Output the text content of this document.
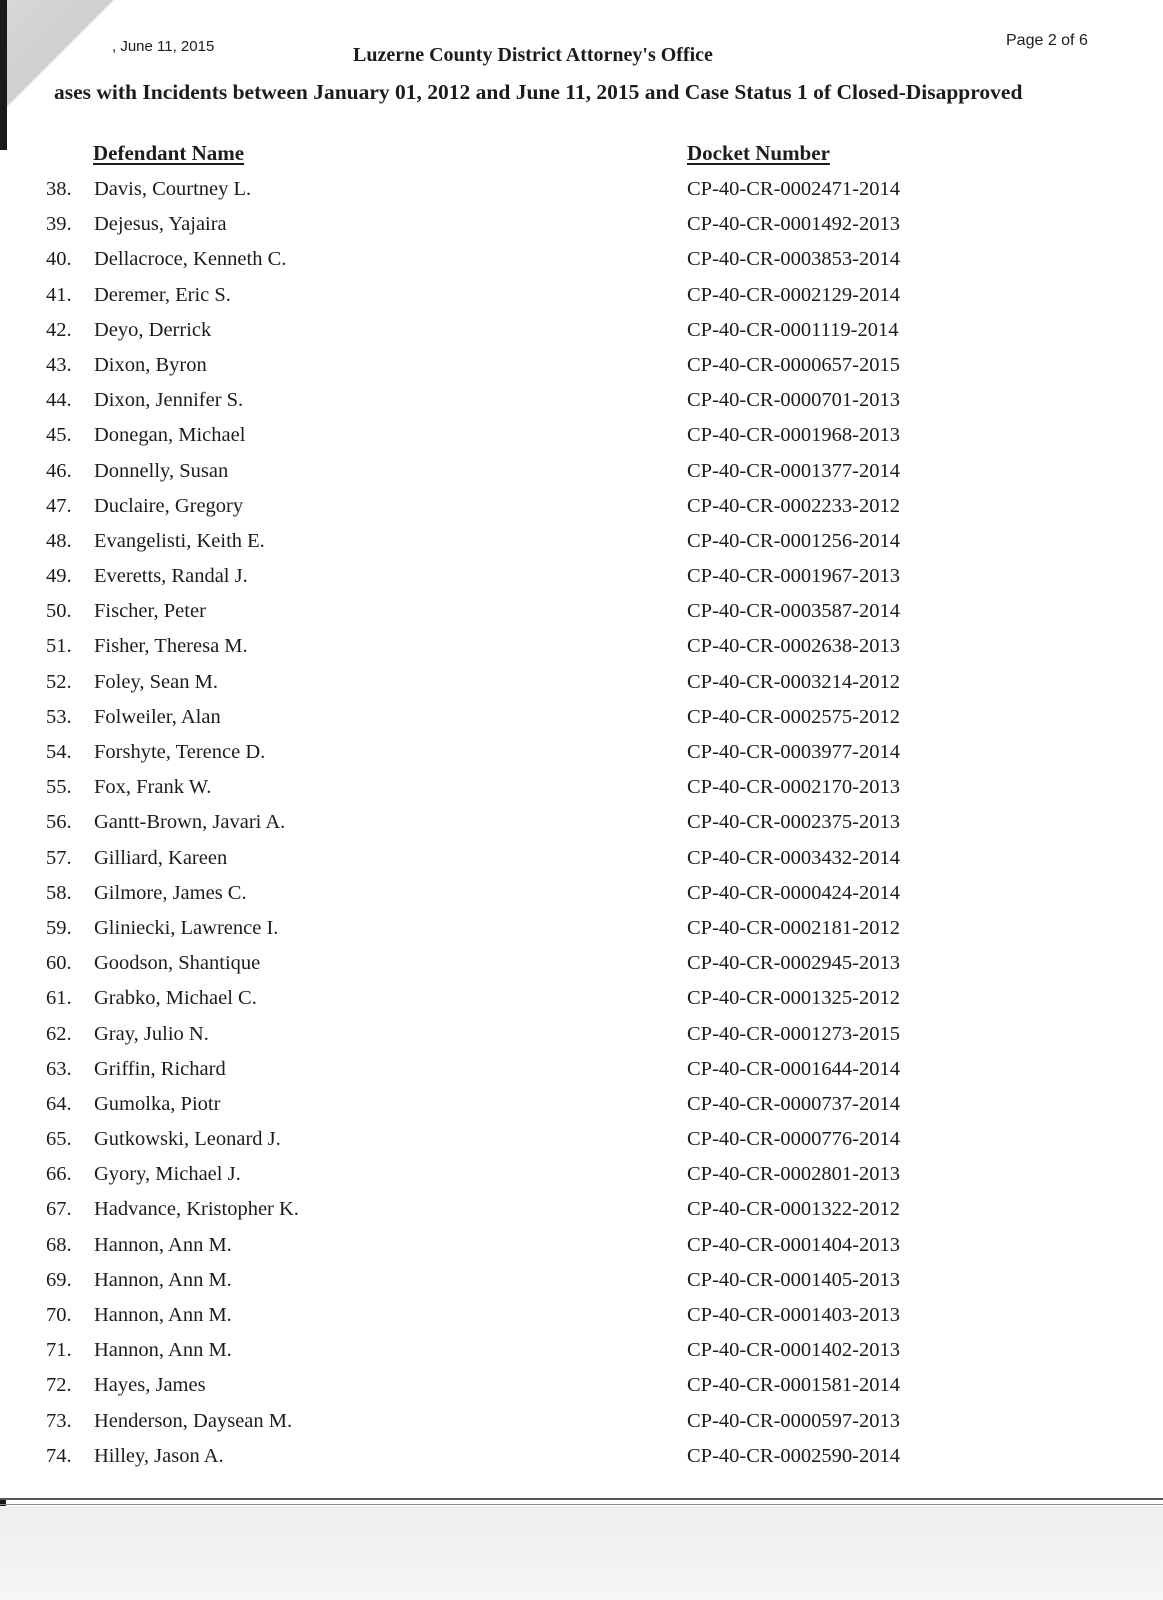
, June 11, 2015	Luzerne County District Attorney's Office
Page 2 of 6
ases with Incidents between January 01, 2012 and June 11, 2015 and Case Status 1 of Closed-Disapproved
Defendant Name	Docket Number
38. Davis, Courtney L.	CP-40-CR-0002471-2014
39. Dejesus, Yajaira	CP-40-CR-0001492-2013
40. Dellacroce, Kenneth C.	CP-40-CR-0003853-2014
41. Deremer, Eric S.	CP-40-CR-0002129-2014
42. Deyo, Derrick	CP-40-CR-0001119-2014
43. Dixon, Byron	CP-40-CR-0000657-2015
44. Dixon, Jennifer S.	CP-40-CR-0000701-2013
45. Donegan, Michael	CP-40-CR-0001968-2013
46. Donnelly, Susan	CP-40-CR-0001377-2014
47. Duclaire, Gregory	CP-40-CR-0002233-2012
48. Evangelisti, Keith E.	CP-40-CR-0001256-2014
49. Everetts, Randal J.	CP-40-CR-0001967-2013
50. Fischer, Peter	CP-40-CR-0003587-2014
51. Fisher, Theresa M.	CP-40-CR-0002638-2013
52. Foley, Sean M.	CP-40-CR-0003214-2012
53. Folweiler, Alan	CP-40-CR-0002575-2012
54. Forshyte, Terence D.	CP-40-CR-0003977-2014
55. Fox, Frank W.	CP-40-CR-0002170-2013
56. Gantt-Brown, Javari A.	CP-40-CR-0002375-2013
57. Gilliard, Kareen	CP-40-CR-0003432-2014
58. Gilmore, James C.	CP-40-CR-0000424-2014
59. Gliniecki, Lawrence I.	CP-40-CR-0002181-2012
60. Goodson, Shantique	CP-40-CR-0002945-2013
61. Grabko, Michael C.	CP-40-CR-0001325-2012
62. Gray, Julio N.	CP-40-CR-0001273-2015
63. Griffin, Richard	CP-40-CR-0001644-2014
64. Gumolka, Piotr	CP-40-CR-0000737-2014
65. Gutkowski, Leonard J.	CP-40-CR-0000776-2014
66. Gyory, Michael J.	CP-40-CR-0002801-2013
67. Hadvance, Kristopher K.	CP-40-CR-0001322-2012
68. Hannon, Ann M.	CP-40-CR-0001404-2013
69. Hannon, Ann M.	CP-40-CR-0001405-2013
70. Hannon, Ann M.	CP-40-CR-0001403-2013
71. Hannon, Ann M.	CP-40-CR-0001402-2013
72. Hayes, James	CP-40-CR-0001581-2014
73. Henderson, Daysean M.	CP-40-CR-0000597-2013
74. Hilley, Jason A.	CP-40-CR-0002590-2014
